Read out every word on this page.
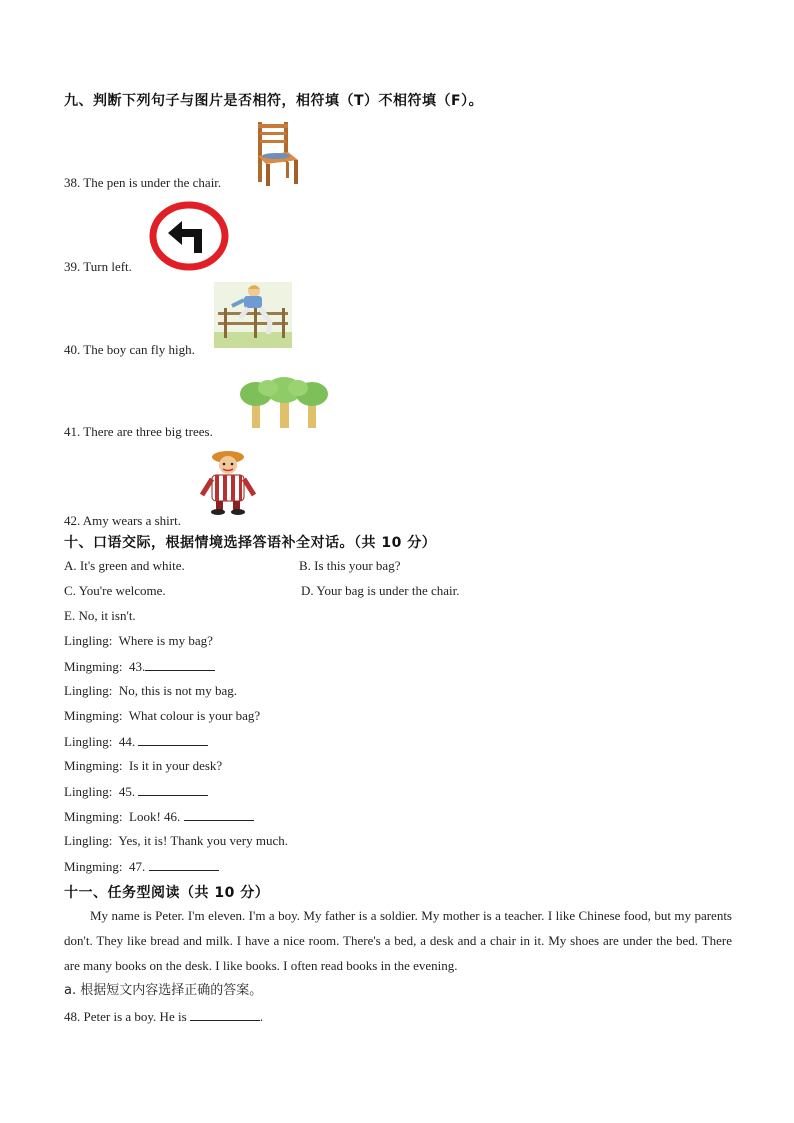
九、判断下列句子与图片是否相符，相符填（T）不相符填（F）。
38. The pen is under the chair.
39. Turn left.
40. The boy can fly high.
41. There are three big trees.
42. Amy wears a shirt.
十、口语交际，根据情境选择答语补全对话。（共 10 分）
A. It's green and white.	B. Is this your bag?
C. You're welcome.	D. Your bag is under the chair.
E. No, it isn't.
Lingling: Where is my bag?
Mingming: 43.
Lingling: No, this is not my bag.
Mingming: What colour is your bag?
Lingling: 44.
Mingming: Is it in your desk?
Lingling: 45.
Mingming: Look! 46.
Lingling: Yes, it is! Thank you very much.
Mingming: 47.
十一、任务型阅读（共 10 分）
My name is Peter. I'm eleven. I'm a boy. My father is a soldier. My mother is a teacher. I like Chinese food, but my parents don't. They like bread and milk. I have a nice room. There's a bed, a desk and a chair in it. My shoes are under the bed. There are many books on the desk. I like books. I often read books in the evening.
a. 根据短文内容选择正确的答案。
48. Peter is a boy. He is	.
